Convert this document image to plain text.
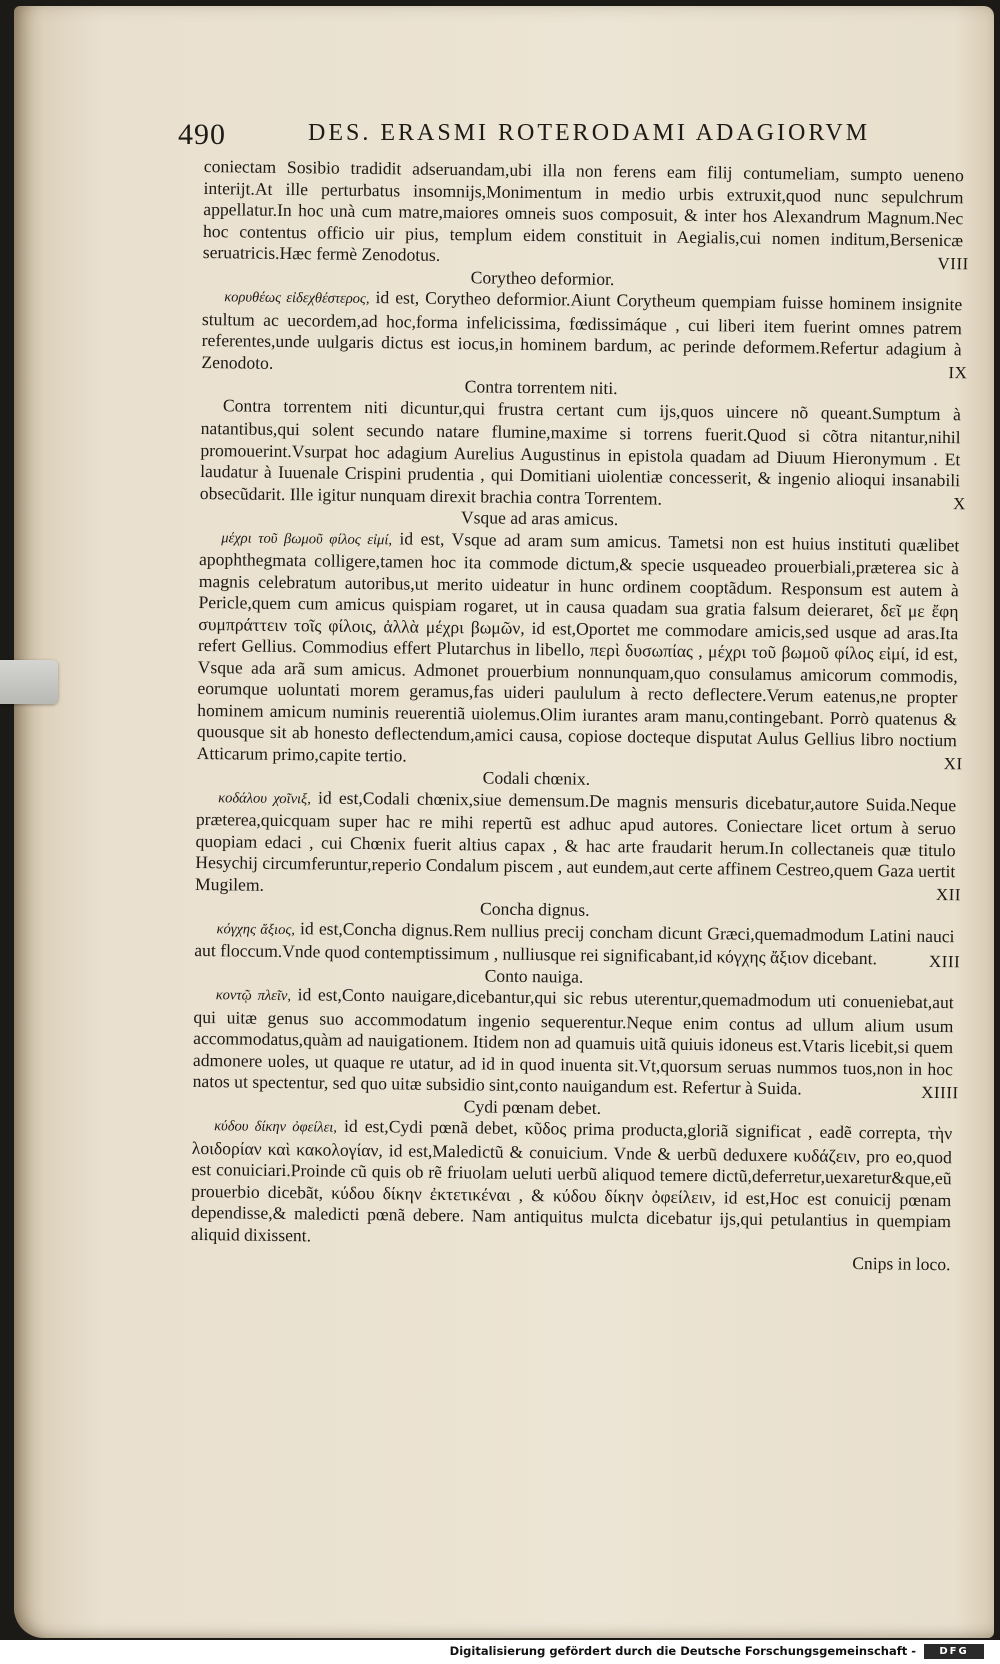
490	DES. ERASMI ROTERODAMI ADAGIORVM

coniectam Sosibio tradidit adseruandam,ubi illa non ferens eam filij contumeliam, sumpto ueneno interijt.At ille perturbatus insomnijs,Monimentum in medio urbis extruxit,quod nunc sepulchrum appellatur.In hoc unà cum matre,maiores omneis suos composuit, & inter hos Alexandrum Magnum.Nec hoc contentus officio uir pius, templum eidem constituit in Aegialis,cui nomen inditum,Bersenicæ seruatricis.Hæc fermè Zenodotus.	VIII

Corytheo deformior.

κορυθέως εἰδεχθέστερος, id est, Corytheo deformior.Aiunt Corytheum quempiam fuisse hominem insignite stultum ac uecordem,ad hoc,forma infelicissima, fœdissimáque , cui liberi item fuerint omnes patrem referentes,unde uulgaris dictus est iocus,in hominem bardum, ac perinde deformem.Refertur adagium à Zenodoto.

IX

Contra torrentem niti.

Contra torrentem niti dicuntur,qui frustra certant cum ijs,quos uincere nõ queant.Sumptum à natantibus,qui solent secundo natare flumine,maxime si torrens fuerit.Quod si cõtra nitantur,nihil promouerint.Vsurpat hoc adagium Aurelius Augustinus in epistola quadam ad Diuum Hieronymum . Et laudatur à Iuuenale Crispini prudentia , qui Domitiani uiolentiæ concesserit, & ingenio alioqui insanabili obsecũdarit. Ille igitur nunquam direxit brachia contra Torrentem.	X

Vsque ad aras amicus.

μέχρι τοῦ βωμοῦ φίλος εἰμί, id est, Vsque ad aram sum amicus. Tametsi non est huius instituti quælibet apophthegmata colligere,tamen hoc ita commode dictum,& specie usqueadeo prouerbiali,præterea sic à magnis celebratum autoribus,ut merito uideatur in hunc ordinem cooptãdum. Responsum est autem à Pericle,quem cum amicus quispiam rogaret, ut in causa quadam sua gratia falsum deieraret, δεῖ με ἔφη συμπράττειν τοῖς φίλοις, ἀλλὰ μέχρι βωμῶν, id est,Oportet me commodare amicis,sed usque ad aras.Ita refert Gellius. Commodius effert Plutarchus in libello, περὶ δυσωπίας , μέχρι τοῦ βωμοῦ φίλος εἰμί, id est, Vsque ada arã sum amicus. Admonet prouerbium nonnunquam,quo consulamus amicorum commodis, eorumque uoluntati morem geramus,fas uideri paululum à recto deflectere.Verum eatenus,ne propter hominem amicum numinis reuerentiã uiolemus.Olim iurantes aram manu,contingebant. Porrò quatenus & quousque sit ab honesto deflectendum,amici causa, copiose docteque disputat Aulus Gellius libro noctium Atticarum primo,capite tertio.	XI

Codali chœnix.

κοδάλου χοῖνιξ, id est,Codali chœnix,siue demensum.De magnis mensuris dicebatur,autore Suida.Neque præterea,quicquam super hac re mihi repertũ est adhuc apud autores. Coniectare licet ortum à seruo quopiam edaci , cui Chœnix fuerit altius capax , & hac arte fraudarit herum.In collectaneis quæ titulo Hesychij circumferuntur,reperio Condalum piscem , aut eundem,aut certe affinem Cestreo,quem Gaza uertit Mugilem.

XII

Concha dignus.

κόγχης ἄξιος, id est,Concha dignus.Rem nullius precij concham dicunt Græci,quemadmodum Latini nauci aut floccum.Vnde quod contemptissimum , nulliusque rei significabant,id κόγχης ἄξιον dicebant.	XIII

Conto nauiga.

κοντῷ πλεῖν, id est,Conto nauigare,dicebantur,qui sic rebus uterentur,quemadmodum uti conueniebat,aut qui uitæ genus suo accommodatum ingenio sequerentur.Neque enim contus ad ullum alium usum accommodatus,quàm ad nauigationem. Itidem non ad quamuis uitã quiuis idoneus est.Vtaris licebit,si quem admonere uoles, ut quaque re utatur, ad id in quod inuenta sit.Vt,quorsum seruas nummos tuos,non in hoc natos ut spectentur, sed quo uitæ subsidio sint,conto nauigandum est. Refertur à Suida.	XIIII

Cydi pœnam debet.

κύδου δίκην ὀφείλει, id est,Cydi pœnã debet, κῦδος prima producta,gloriã significat , eadẽ correpta, τὴν λοιδορίαν καὶ κακολογίαν, id est,Maledictũ & conuicium. Vnde & uerbũ deduxere κυδάζειν, pro eo,quod est conuiciari.Proinde cũ quis ob rẽ friuolam ueluti uerbũ aliquod temere dictũ,deferretur,uexaretur&que,eũ prouerbio dicebãt, κύδου δίκην ἐκτετικέναι , & κύδου δίκην ὀφείλειν, id est,Hoc est conuicij pœnam dependisse,& maledicti pœnã debere. Nam antiquitus mulcta dicebatur ijs,qui petulantius in quempiam aliquid dixissent.

Cnips in loco.

Digitalisierung gefördert durch die Deutsche Forschungsgemeinschaft -	DFG
